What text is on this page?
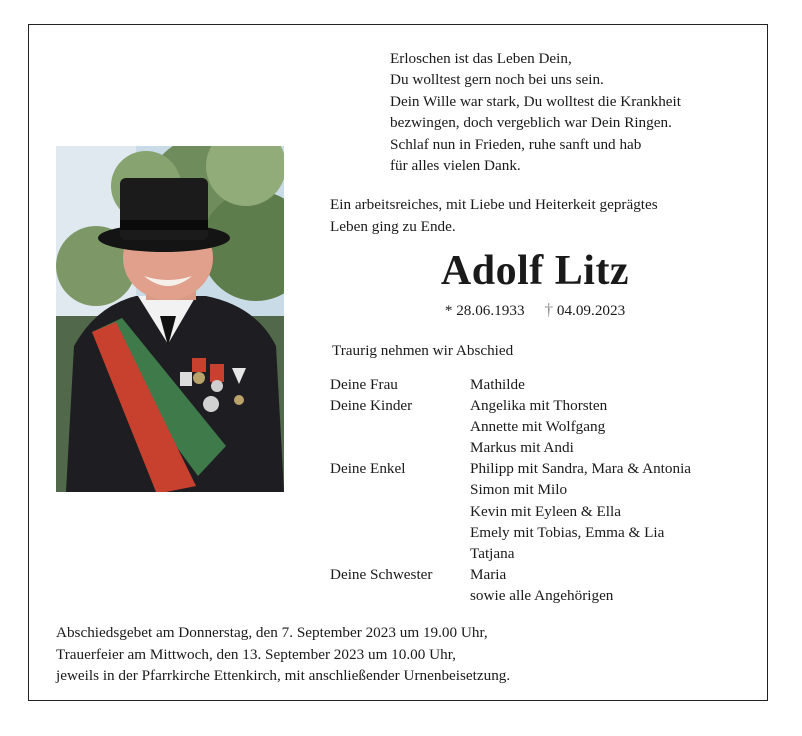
Erloschen ist das Leben Dein,
Du wolltest gern noch bei uns sein.
Dein Wille war stark, Du wolltest die Krankheit
bezwingen, doch vergeblich war Dein Ringen.
Schlaf nun in Frieden, ruhe sanft und hab
für alles vielen Dank.
Ein arbeitsreiches, mit Liebe und Heiterkeit geprägtes
Leben ging zu Ende.
Adolf Litz
* 28.06.1933 † 04.09.2023
Traurig nehmen wir Abschied
Deine Frau	Mathilde
Deine Kinder	Angelika mit Thorsten
	Annette mit Wolfgang
	Markus mit Andi
Deine Enkel	Philipp mit Sandra, Mara & Antonia
	Simon mit Milo
	Kevin mit Eyleen & Ella
	Emely mit Tobias, Emma & Lia
	Tatjana
Deine Schwester	Maria
	sowie alle Angehörigen
Abschiedsgebet am Donnerstag, den 7. September 2023 um 19.00 Uhr,
Trauerfeier am Mittwoch, den 13. September 2023 um 10.00 Uhr,
jeweils in der Pfarrkirche Ettenkirch, mit anschließender Urnenbeisetzung.
